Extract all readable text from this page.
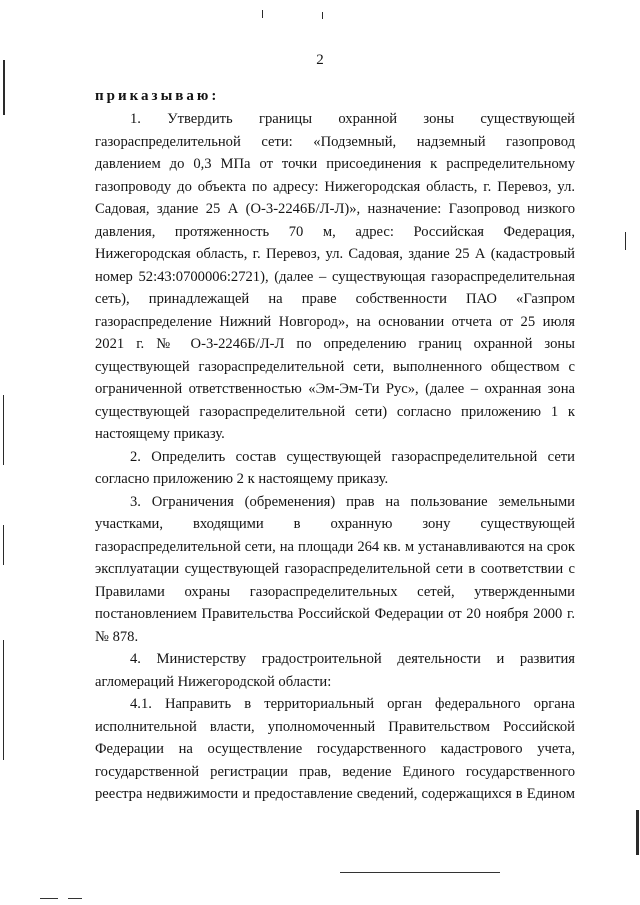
2
приказываю:

1. Утвердить границы охранной зоны существующей газораспределительной сети: «Подземный, надземный газопровод давлением до 0,3 МПа от точки присоединения к распределительному газопроводу до объекта по адресу: Нижегородская область, г. Перевоз, ул. Садовая, здание 25 А (О-3-2246Б/Л-Л)», назначение: Газопровод низкого давления, протяженность 70 м, адрес: Российская Федерация, Нижегородская область, г. Перевоз, ул. Садовая, здание 25 А (кадастровый номер 52:43:0700006:2721), (далее – существующая газораспределительная сеть), принадлежащей на праве собственности ПАО «Газпром газораспределение Нижний Новгород», на основании отчета от 25 июля 2021 г. № О-3-2246Б/Л-Л по определению границ охранной зоны существующей газораспределительной сети, выполненного обществом с ограниченной ответственностью «Эм-Эм-Ти Рус», (далее – охранная зона существующей газораспределительной сети) согласно приложению 1 к настоящему приказу.

2. Определить состав существующей газораспределительной сети согласно приложению 2 к настоящему приказу.

3. Ограничения (обременения) прав на пользование земельными участками, входящими в охранную зону существующей газораспределительной сети, на площади 264 кв. м устанавливаются на срок эксплуатации существующей газораспределительной сети в соответствии с Правилами охраны газораспределительных сетей, утвержденными постановлением Правительства Российской Федерации от 20 ноября 2000 г. № 878.

4. Министерству градостроительной деятельности и развития агломераций Нижегородской области:

4.1. Направить в территориальный орган федерального органа исполнительной власти, уполномоченный Правительством Российской Федерации на осуществление государственного кадастрового учета, государственной регистрации прав, ведение Единого государственного реестра недвижимости и предоставление сведений, содержащихся в Едином
